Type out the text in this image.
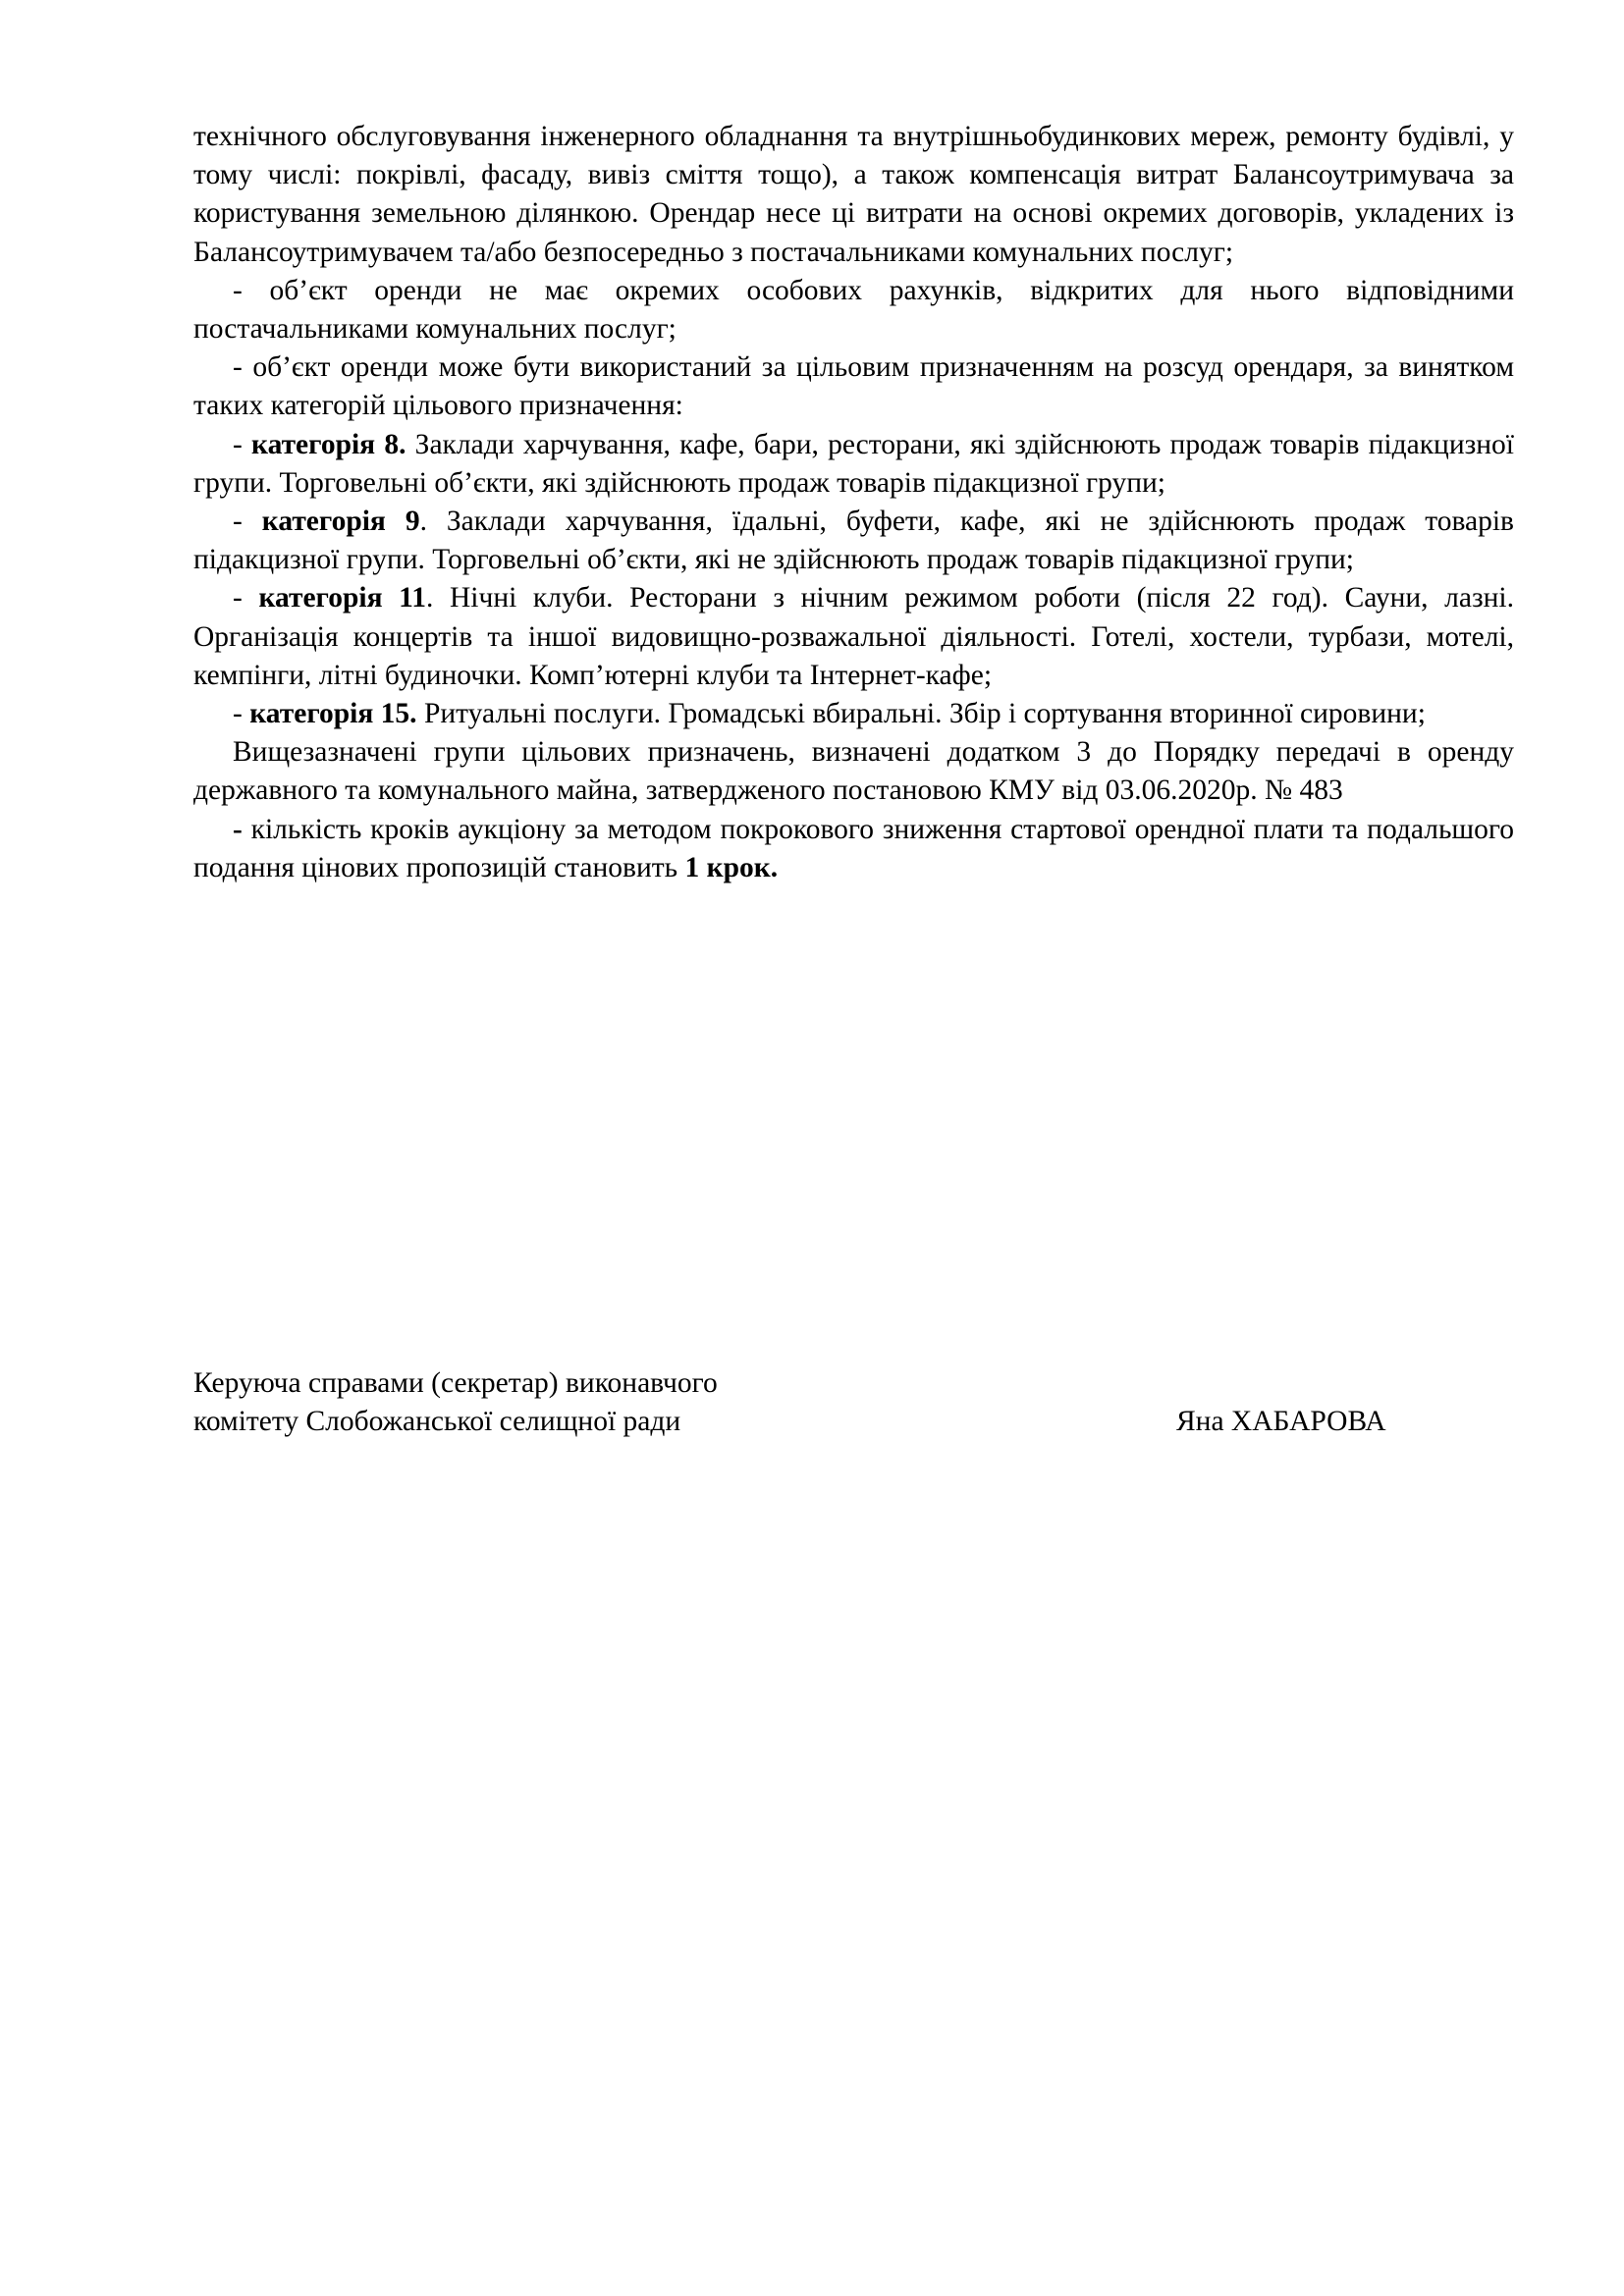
технічного обслуговування інженерного обладнання та внутрішньобудинкових мереж, ремонту будівлі, у тому числі: покрівлі, фасаду, вивіз сміття тощо), а також компенсація витрат Балансоутримувача за користування земельною ділянкою. Орендар несе ці витрати на основі окремих договорів, укладених із Балансоутримувачем та/або безпосередньо з постачальниками комунальних послуг;

- об’єкт оренди не має окремих особових рахунків, відкритих для нього відповідними постачальниками комунальних послуг;

- об’єкт оренди може бути використаний за цільовим призначенням на розсуд орендаря, за винятком таких категорій цільового призначення:

- категорія 8. Заклади харчування, кафе, бари, ресторани, які здійснюють продаж товарів підакцизної групи. Торговельні об’єкти, які здійснюють продаж товарів підакцизної групи;

- категорія 9. Заклади харчування, їдальні, буфети, кафе, які не здійснюють продаж товарів підакцизної групи. Торговельні об’єкти, які не здійснюють продаж товарів підакцизної групи;

- категорія 11. Нічні клуби. Ресторани з нічним режимом роботи (після 22 год). Сауни, лазні. Організація концертів та іншої видовищно-розважальної діяльності. Готелі, хостели, турбази, мотелі, кемпінги, літні будиночки. Комп’ютерні клуби та Інтернет-кафе;

- категорія 15. Ритуальні послуги. Громадські вбиральні. Збір і сортування вторинної сировини;

Вищезазначені групи цільових призначень, визначені додатком 3 до Порядку передачі в оренду державного та комунального майна, затвердженого постановою КМУ від 03.06.2020р. № 483

- кількість кроків аукціону за методом покрокового зниження стартової орендної плати та подальшого подання цінових пропозицій становить 1 крок.

Керуюча справами (секретар) виконавчого
комітету Слобожанської селищної ради	Яна ХАБАРОВА
